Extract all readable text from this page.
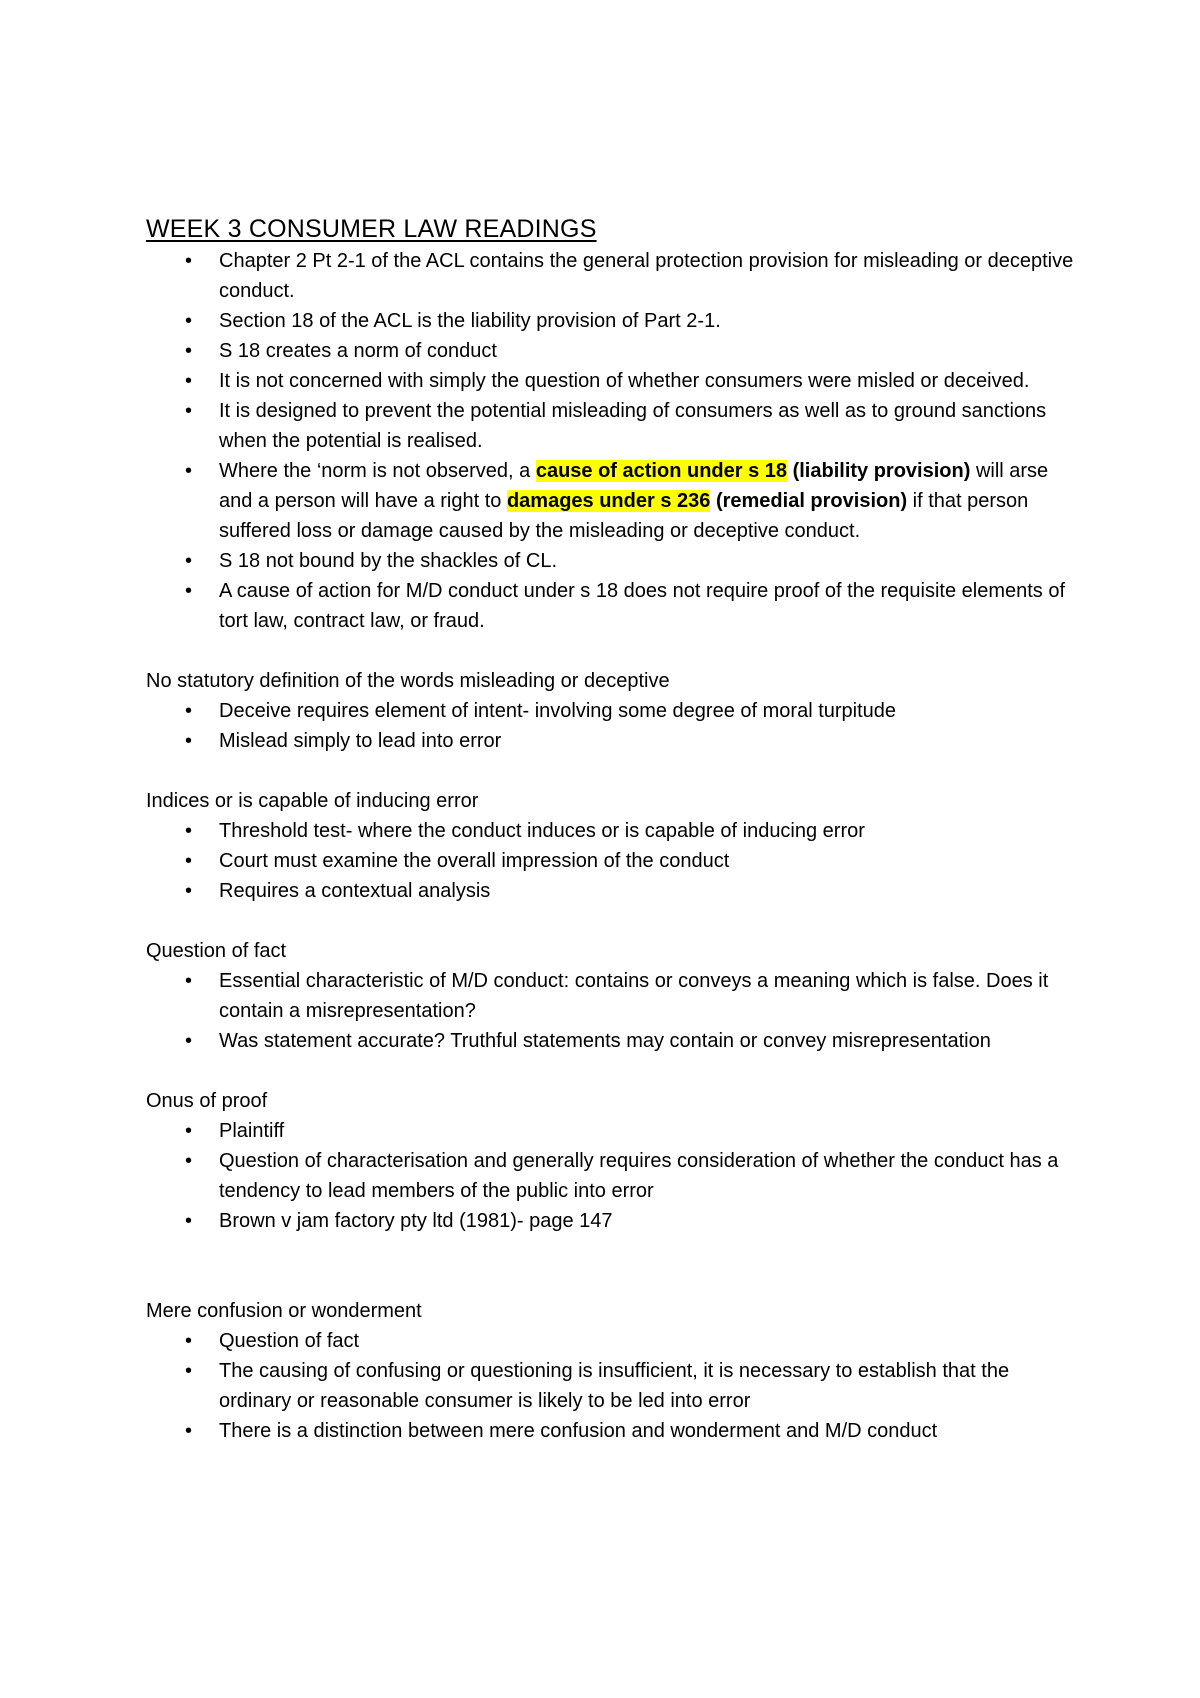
WEEK 3 CONSUMER LAW READINGS
• Chapter 2 Pt 2-1 of the ACL contains the general protection provision for misleading or deceptive conduct.
• Section 18 of the ACL is the liability provision of Part 2-1.
• S 18 creates a norm of conduct
• It is not concerned with simply the question of whether consumers were misled or deceived.
• It is designed to prevent the potential misleading of consumers as well as to ground sanctions when the potential is realised.
• Where the ‘norm is not observed, a cause of action under s 18 (liability provision) will arse and a person will have a right to damages under s 236 (remedial provision) if that person suffered loss or damage caused by the misleading or deceptive conduct.
• S 18 not bound by the shackles of CL.
• A cause of action for M/D conduct under s 18 does not require proof of the requisite elements of tort law, contract law, or fraud.

No statutory definition of the words misleading or deceptive

• Deceive requires element of intent- involving some degree of moral turpitude
• Mislead simply to lead into error

Indices or is capable of inducing error

• Threshold test- where the conduct induces or is capable of inducing error
• Court must examine the overall impression of the conduct
• Requires a contextual analysis

Question of fact

• Essential characteristic of M/D conduct: contains or conveys a meaning which is false. Does it contain a misrepresentation?
• Was statement accurate? Truthful statements may contain or convey misrepresentation

Onus of proof

• Plaintiff
• Question of characterisation and generally requires consideration of whether the conduct has a tendency to lead members of the public into error
• Brown v jam factory pty ltd (1981)- page 147

Mere confusion or wonderment

• Question of fact
• The causing of confusing or questioning is insufficient, it is necessary to establish that the ordinary or reasonable consumer is likely to be led into error
• There is a distinction between mere confusion and wonderment and M/D conduct
